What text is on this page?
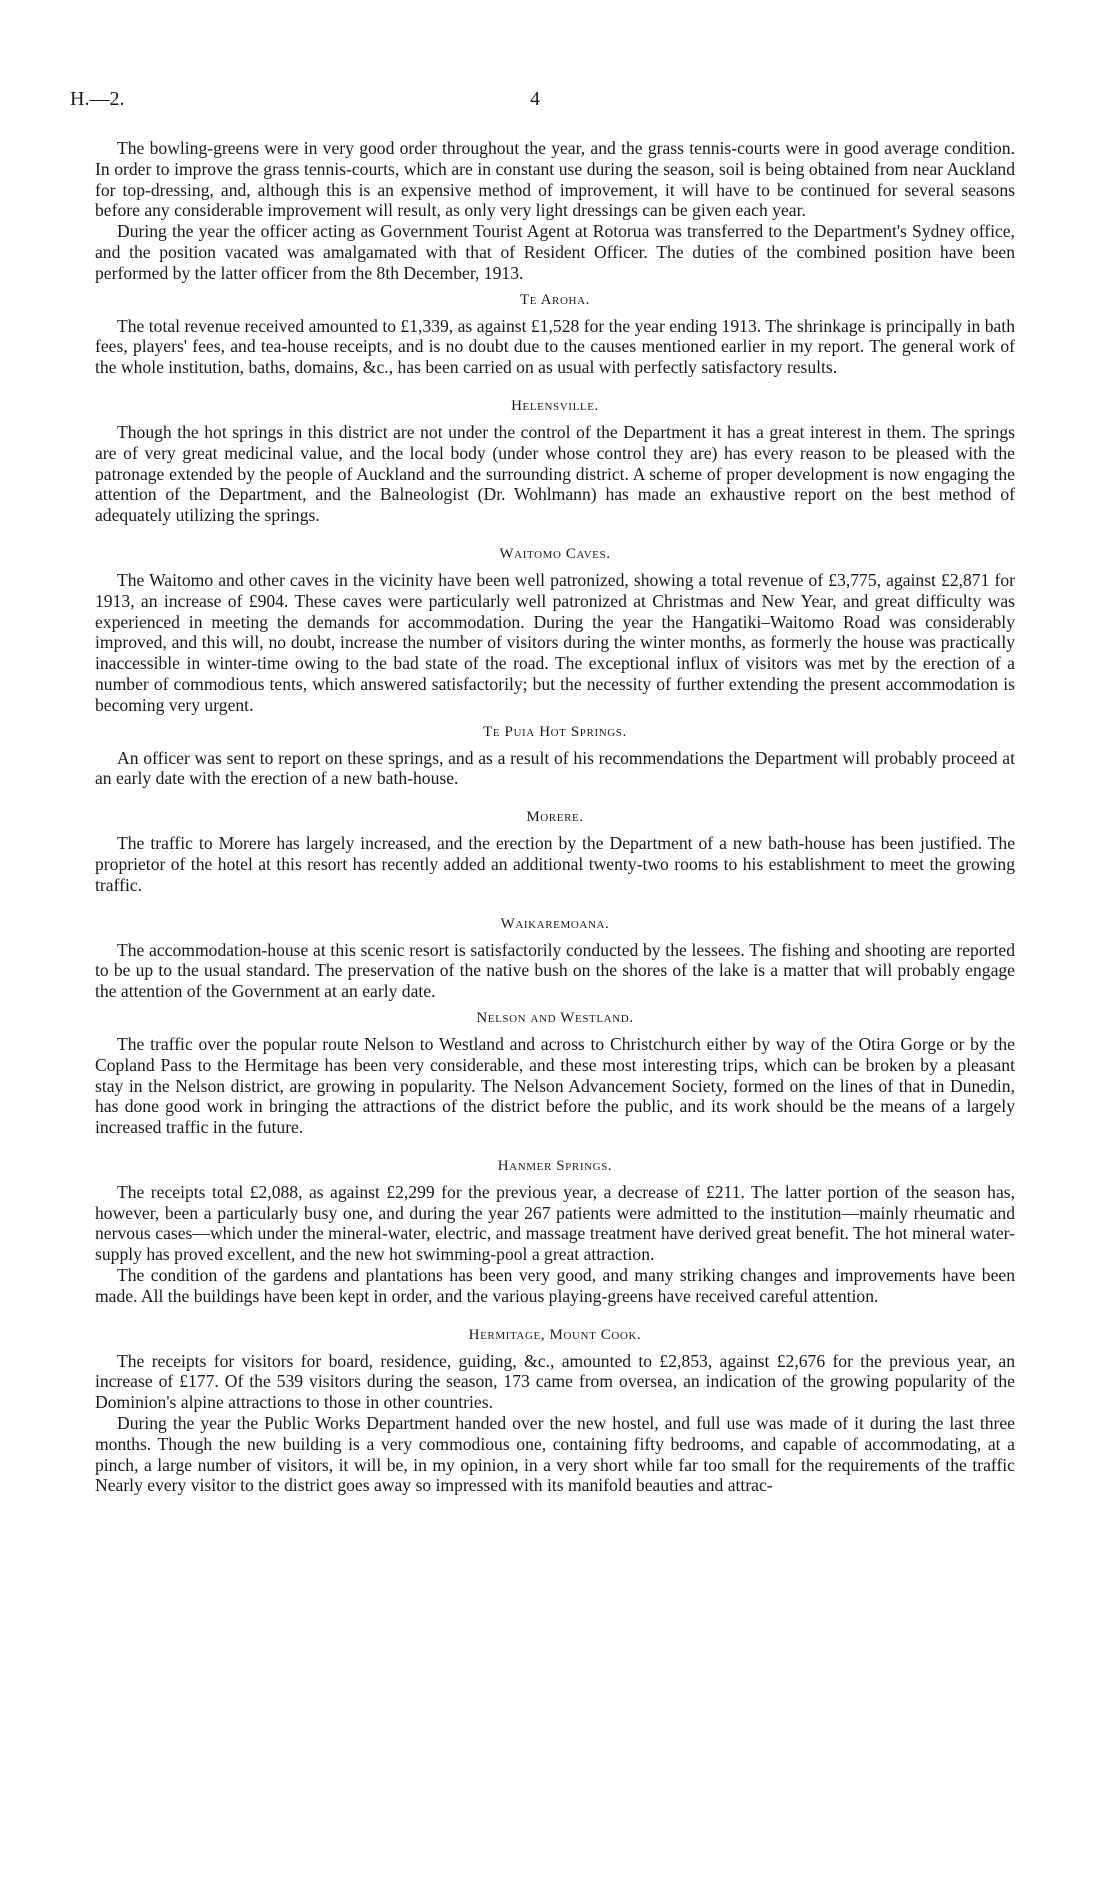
H.—2.	4

The bowling-greens were in very good order throughout the year, and the grass tennis-courts were in good average condition. In order to improve the grass tennis-courts, which are in constant use during the season, soil is being obtained from near Auckland for top-dressing, and, although this is an expensive method of improvement, it will have to be continued for several seasons before any considerable improvement will result, as only very light dressings can be given each year.

During the year the officer acting as Government Tourist Agent at Rotorua was transferred to the Department's Sydney office, and the position vacated was amalgamated with that of Resident Officer. The duties of the combined position have been performed by the latter officer from the 8th December, 1913.

Te Aroha.

The total revenue received amounted to £1,339, as against £1,528 for the year ending 1913. The shrinkage is principally in bath fees, players' fees, and tea-house receipts, and is no doubt due to the causes mentioned earlier in my report. The general work of the whole institution, baths, domains, &c., has been carried on as usual with perfectly satisfactory results.

Helensville.

Though the hot springs in this district are not under the control of the Department it has a great interest in them. The springs are of very great medicinal value, and the local body (under whose control they are) has every reason to be pleased with the patronage extended by the people of Auckland and the surrounding district. A scheme of proper development is now engaging the attention of the Department, and the Balneologist (Dr. Wohlmann) has made an exhaustive report on the best method of adequately utilizing the springs.

Waitomo Caves.

The Waitomo and other caves in the vicinity have been well patronized, showing a total revenue of £3,775, against £2,871 for 1913, an increase of £904. These caves were particularly well patronized at Christmas and New Year, and great difficulty was experienced in meeting the demands for accommodation. During the year the Hangatiki–Waitomo Road was considerably improved, and this will, no doubt, increase the number of visitors during the winter months, as formerly the house was practically inaccessible in winter-time owing to the bad state of the road. The exceptional influx of visitors was met by the erection of a number of commodious tents, which answered satisfactorily; but the necessity of further extending the present accommodation is becoming very urgent.

Te Puia Hot Springs.

An officer was sent to report on these springs, and as a result of his recommendations the Department will probably proceed at an early date with the erection of a new bath-house.

Morere.

The traffic to Morere has largely increased, and the erection by the Department of a new bath-house has been justified. The proprietor of the hotel at this resort has recently added an additional twenty-two rooms to his establishment to meet the growing traffic.

Waikaremoana.

The accommodation-house at this scenic resort is satisfactorily conducted by the lessees. The fishing and shooting are reported to be up to the usual standard. The preservation of the native bush on the shores of the lake is a matter that will probably engage the attention of the Government at an early date.

Nelson and Westland.

The traffic over the popular route Nelson to Westland and across to Christchurch either by way of the Otira Gorge or by the Copland Pass to the Hermitage has been very considerable, and these most interesting trips, which can be broken by a pleasant stay in the Nelson district, are growing in popularity. The Nelson Advancement Society, formed on the lines of that in Dunedin, has done good work in bringing the attractions of the district before the public, and its work should be the means of a largely increased traffic in the future.

Hanmer Springs.

The receipts total £2,088, as against £2,299 for the previous year, a decrease of £211. The latter portion of the season has, however, been a particularly busy one, and during the year 267 patients were admitted to the institution—mainly rheumatic and nervous cases—which under the mineral-water, electric, and massage treatment have derived great benefit. The hot mineral water-supply has proved excellent, and the new hot swimming-pool a great attraction.

The condition of the gardens and plantations has been very good, and many striking changes and improvements have been made. All the buildings have been kept in order, and the various playing-greens have received careful attention.

Hermitage, Mount Cook.

The receipts for visitors for board, residence, guiding, &c., amounted to £2,853, against £2,676 for the previous year, an increase of £177. Of the 539 visitors during the season, 173 came from oversea, an indication of the growing popularity of the Dominion's alpine attractions to those in other countries.

During the year the Public Works Department handed over the new hostel, and full use was made of it during the last three months. Though the new building is a very commodious one, containing fifty bedrooms, and capable of accommodating, at a pinch, a large number of visitors, it will be, in my opinion, in a very short while far too small for the requirements of the traffic Nearly every visitor to the district goes away so impressed with its manifold beauties and attrac-
